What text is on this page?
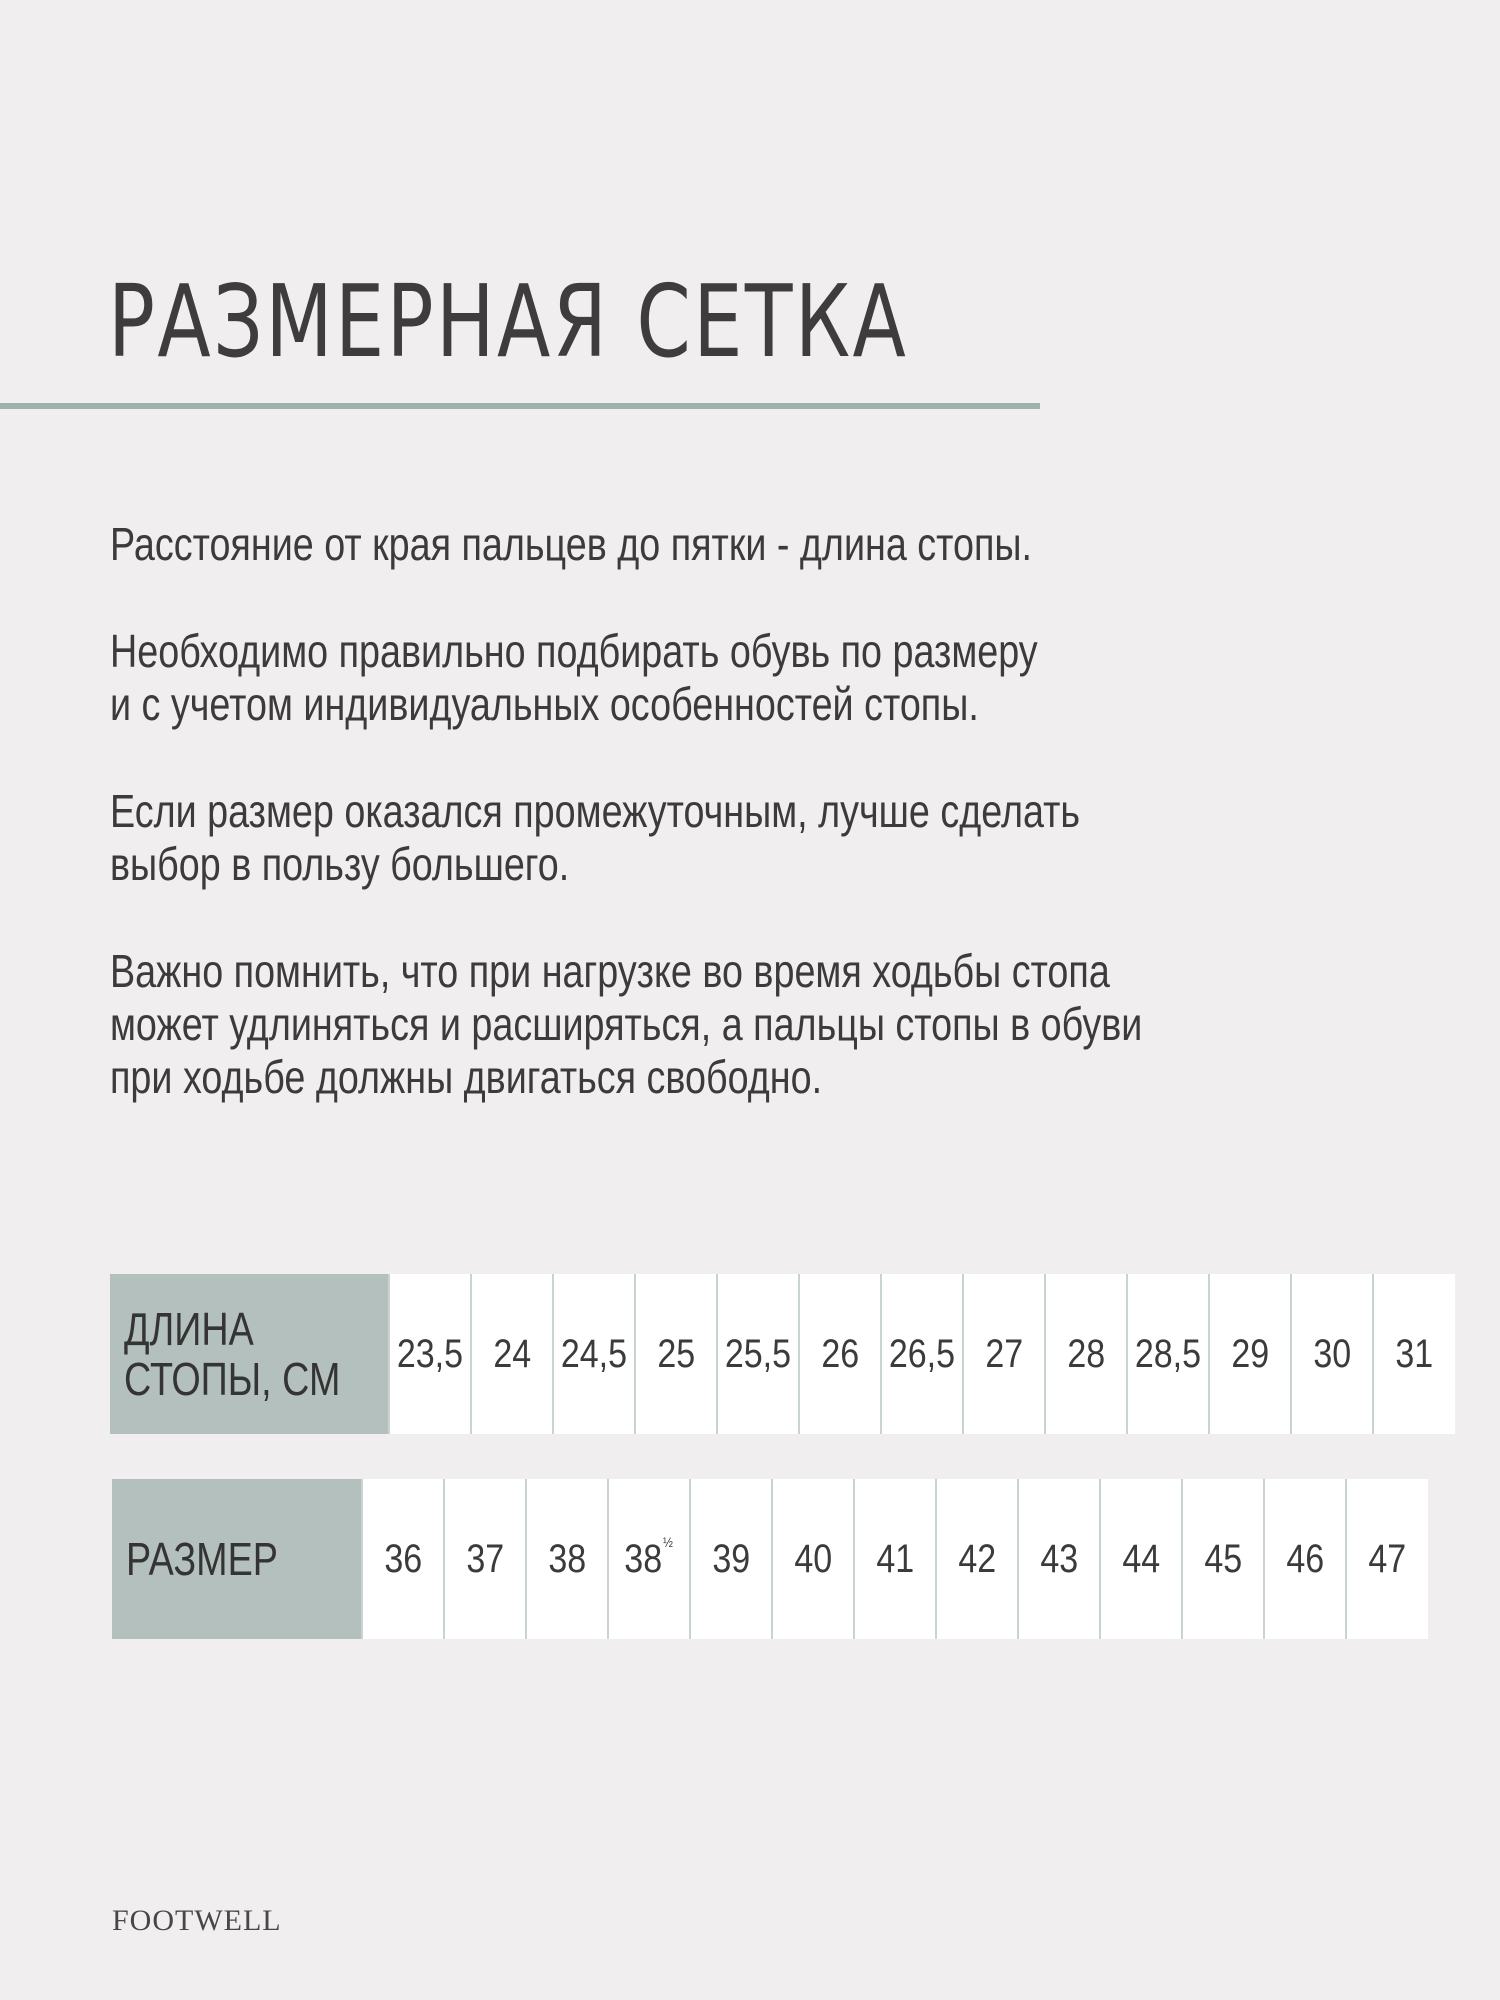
РАЗМЕРНАЯ СЕТКА

Расстояние от края пальцев до пятки - длина стопы.

Необходимо правильно подбирать обувь по размеру
и с учетом индивидуальных особенностей стопы.

Если размер оказался промежуточным, лучше сделать
выбор в пользу большего.

Важно помнить, что при нагрузке во время ходьбы стопа
может удлиняться и расширяться, а пальцы стопы в обуви
при ходьбе должны двигаться свободно.

ДЛИНА
СТОПЫ, СМ	23,5	24	24,5	25	25,5	26	26,5	27	28	28,5	29	30	31
РАЗМЕР	36	37	38	$38^{\frac{1}{2}}$	39	40	41	42	43	44	45	46	47
FOOTWELL
